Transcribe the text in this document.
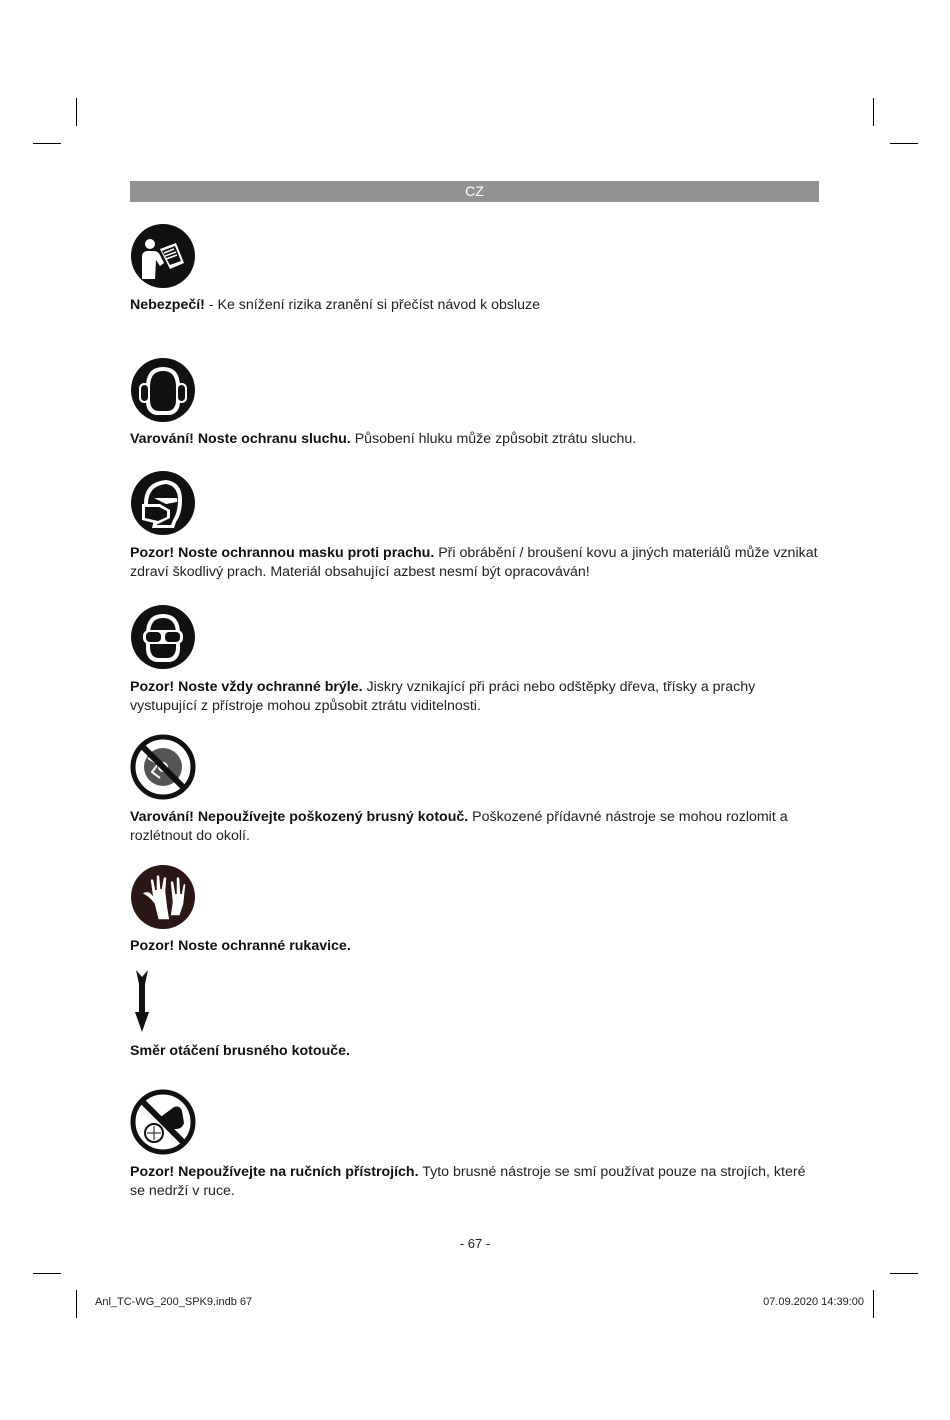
CZ
Nebezpečí! - Ke snížení rizika zranění si přečíst návod k obsluze
Varování! Noste ochranu sluchu. Působení hluku může způsobit ztrátu sluchu.
Pozor! Noste ochrannou masku proti prachu. Při obrábění / broušení kovu a jiných materiálů může vznikat zdraví škodlivý prach. Materiál obsahující azbest nesmí být opracováván!
Pozor! Noste vždy ochranné brýle. Jiskry vznikající při práci nebo odštěpky dřeva, třísky a prachy vystupující z přístroje mohou způsobit ztrátu viditelnosti.
Varování! Nepoužívejte poškozený brusný kotouč. Poškozené přídavné nástroje se mohou rozlomit a rozlétnout do okolí.
Pozor! Noste ochranné rukavice.
Směr otáčení brusného kotouče.
Pozor! Nepoužívejte na ručních přístrojích. Tyto brusné nástroje se smí používat pouze na strojích, které se nedrží v ruce.
- 67 -
Anl_TC-WG_200_SPK9.indb 67	07.09.2020 14:39:00
